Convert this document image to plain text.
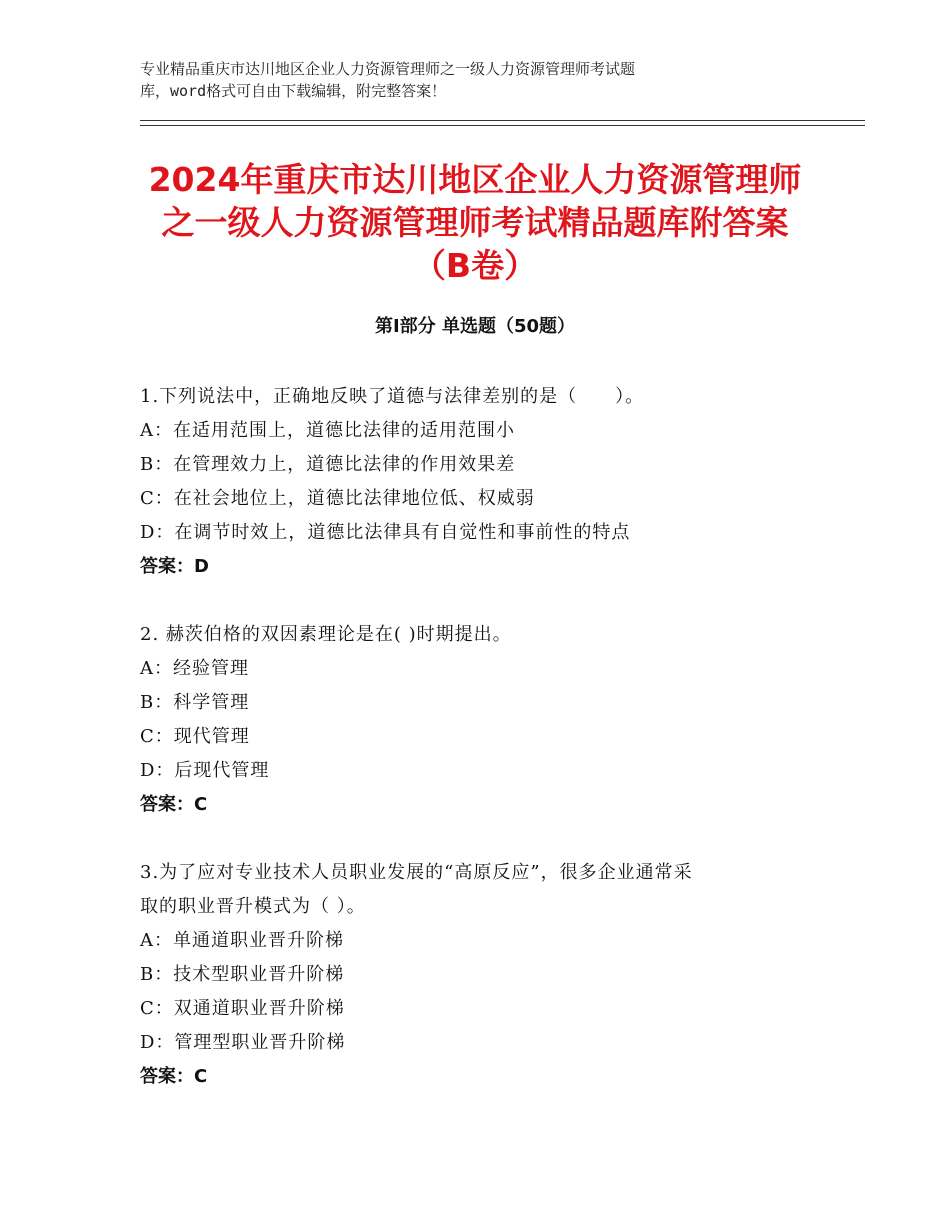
专业精品重庆市达川地区企业人力资源管理师之一级人力资源管理师考试题
库，word格式可自由下载编辑，附完整答案！
2024年重庆市达川地区企业人力资源管理师
之一级人力资源管理师考试精品题库附答案
（B卷）
第Ⅰ部分 单选题（50题）
1.下列说法中，正确地反映了道德与法律差别的是（　　）。
A：在适用范围上，道德比法律的适用范围小
B：在管理效力上，道德比法律的作用效果差
C：在社会地位上，道德比法律地位低、权威弱
D：在调节时效上，道德比法律具有自觉性和事前性的特点
答案：D
2. 赫茨伯格的双因素理论是在( )时期提出。
A：经验管理
B：科学管理
C：现代管理
D：后现代管理
答案：C
3.为了应对专业技术人员职业发展的“高原反应”，很多企业通常采
取的职业晋升模式为（ ）。
A：单通道职业晋升阶梯
B：技术型职业晋升阶梯
C：双通道职业晋升阶梯
D：管理型职业晋升阶梯
答案：C
